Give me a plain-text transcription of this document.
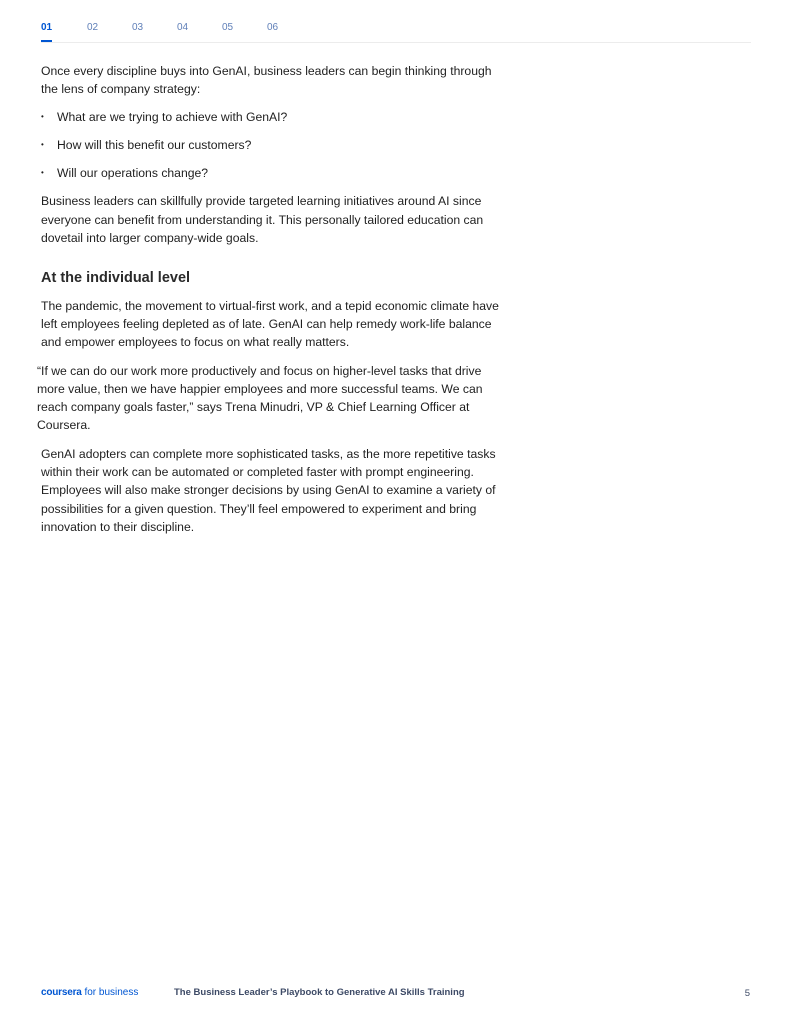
01	02	03	04	05	06

Once every discipline buys into GenAI, business leaders can begin thinking through the lens of company strategy:

• What are we trying to achieve with GenAI?
• How will this benefit our customers?
• Will our operations change?

Business leaders can skillfully provide targeted learning initiatives around AI since everyone can benefit from understanding it. This personally tailored education can dovetail into larger company-wide goals.

At the individual level

The pandemic, the movement to virtual-first work, and a tepid economic climate have left employees feeling depleted as of late. GenAI can help remedy work-life balance and empower employees to focus on what really matters.

“If we can do our work more productively and focus on higher-level tasks that drive more value, then we have happier employees and more successful teams. We can reach company goals faster,” says Trena Minudri, VP & Chief Learning Officer at Coursera.

GenAI adopters can complete more sophisticated tasks, as the more repetitive tasks within their work can be automated or completed faster with prompt engineering. Employees will also make stronger decisions by using GenAI to examine a variety of possibilities for a given question. They’ll feel empowered to experiment and bring innovation to their discipline.

coursera for business	The Business Leader’s Playbook to Generative AI Skills Training	5
